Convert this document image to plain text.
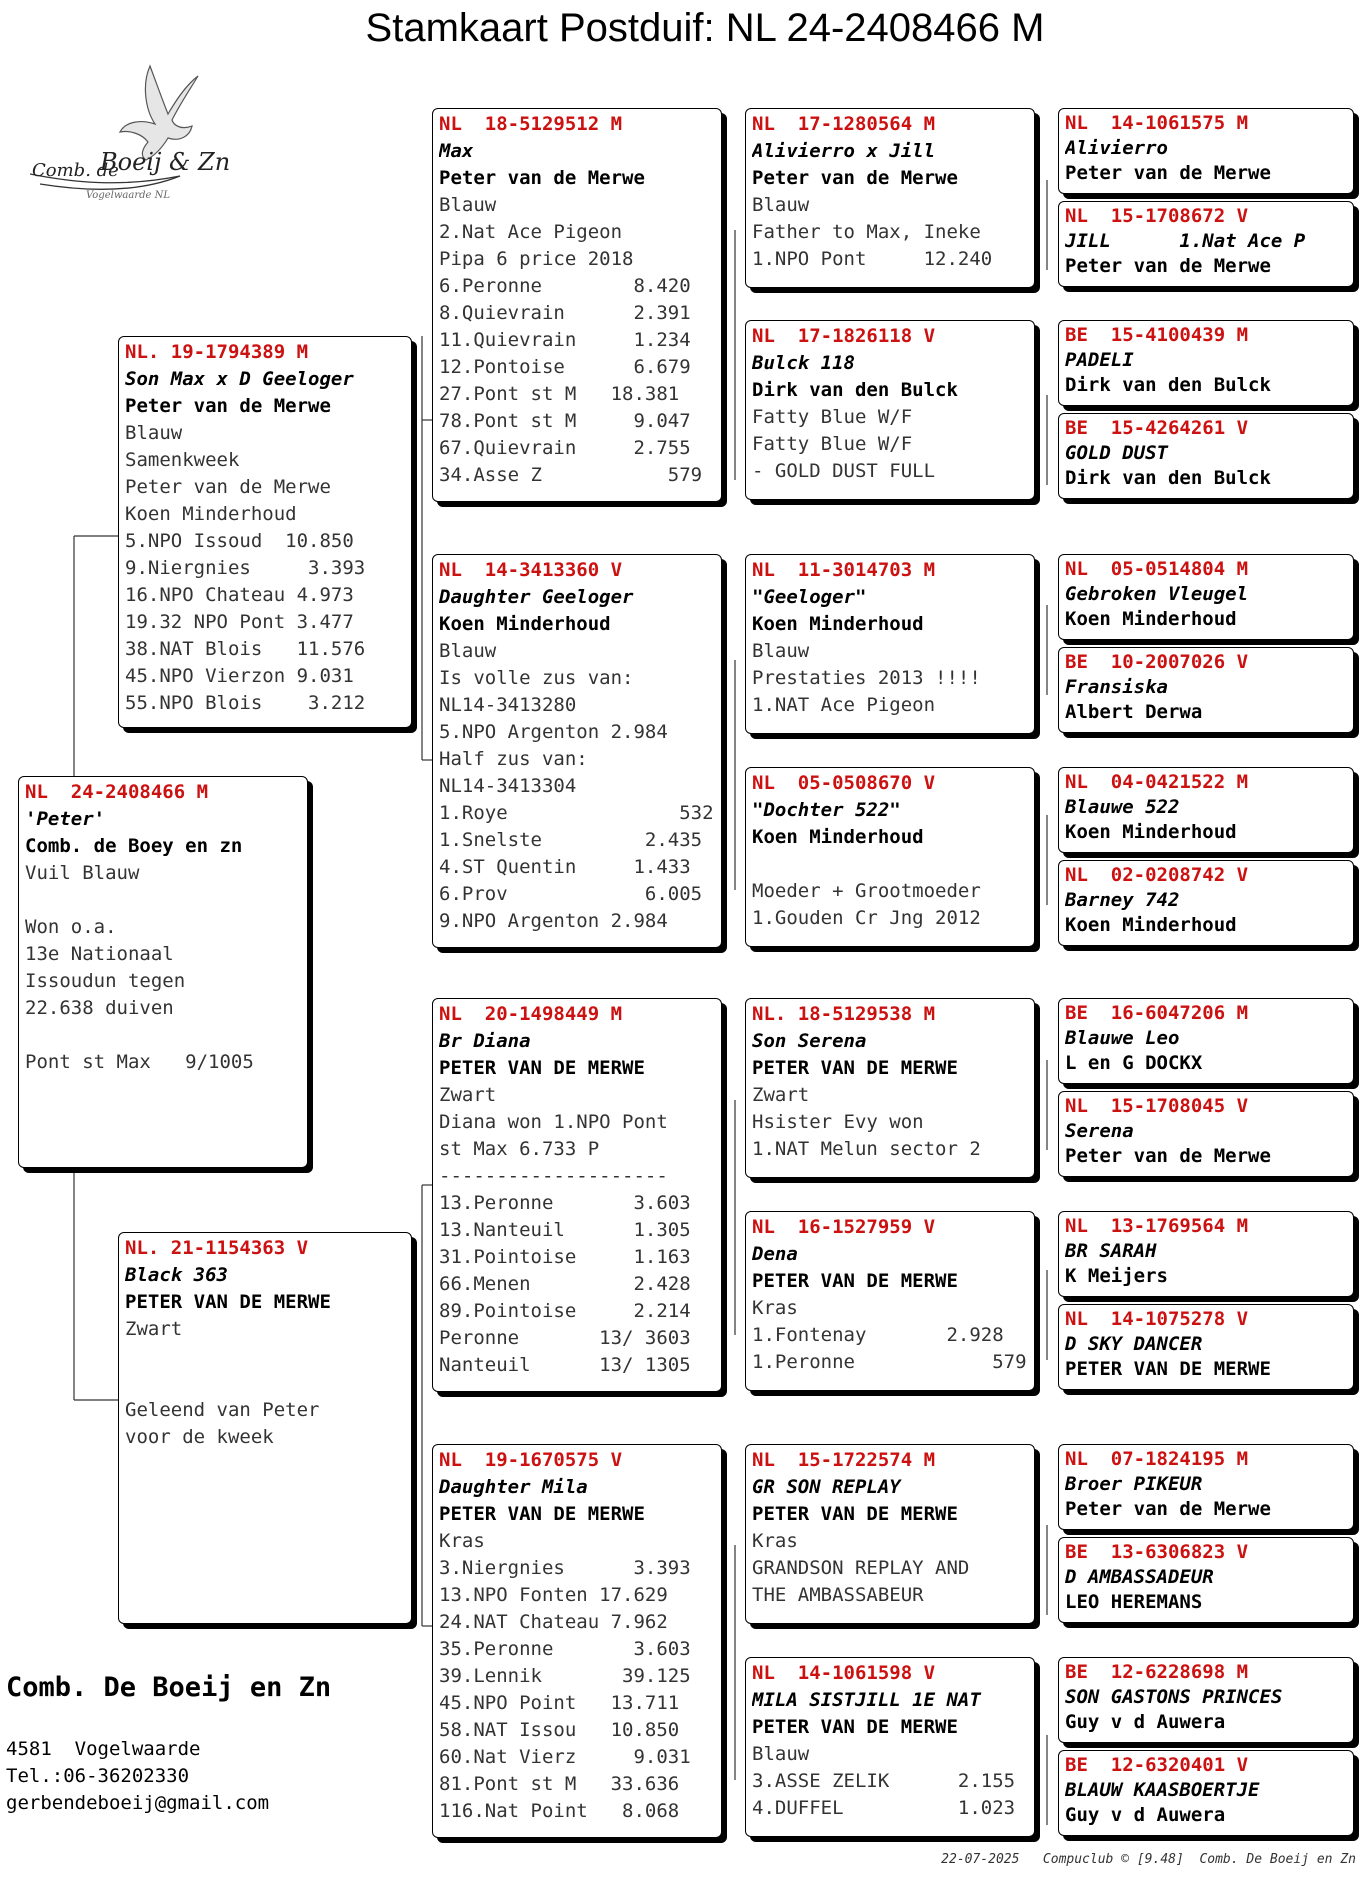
Stamkaart Postduif: NL 24-2408466 M
Comb. de
Boeij & Zn
Vogelwaarde NL
NL  24-2408466 M
'Peter'
Comb. de Boey en zn
Vuil Blauw
Won o.a.
13e Nationaal
Issoudun tegen
22.638 duiven
Pont st Max   9/1005
NL. 19-1794389 M
Son Max x D Geeloger
Peter van de Merwe
Blauw
Samenkweek
Peter van de Merwe
Koen Minderhoud
5.NPO Issoud  10.850
9.Niergnies     3.393
16.NPO Chateau 4.973
19.32 NPO Pont 3.477
38.NAT Blois   11.576
45.NPO Vierzon 9.031
55.NPO Blois    3.212
NL. 21-1154363 V
Black 363
PETER VAN DE MERWE
Zwart
Geleend van Peter
voor de kweek
NL  18-5129512 M
Max
Peter van de Merwe
Blauw
2.Nat Ace Pigeon
Pipa 6 price 2018
6.Peronne        8.420
8.Quievrain      2.391
11.Quievrain     1.234
12.Pontoise      6.679
27.Pont st M   18.381
78.Pont st M     9.047
67.Quievrain     2.755
34.Asse Z           579
NL  14-3413360 V
Daughter Geeloger
Koen Minderhoud
Blauw
Is volle zus van:
NL14-3413280
5.NPO Argenton 2.984
Half zus van:
NL14-3413304
1.Roye               532
1.Snelste         2.435
4.ST Quentin     1.433
6.Prov            6.005
9.NPO Argenton 2.984
NL  20-1498449 M
Br Diana
PETER VAN DE MERWE
Zwart
Diana won 1.NPO Pont
st Max 6.733 P
--------------------
13.Peronne       3.603
13.Nanteuil      1.305
31.Pointoise     1.163
66.Menen         2.428
89.Pointoise     2.214
Peronne       13/ 3603
Nanteuil      13/ 1305
NL  19-1670575 V
Daughter Mila
PETER VAN DE MERWE
Kras
3.Niergnies      3.393
13.NPO Fonten 17.629
24.NAT Chateau 7.962
35.Peronne       3.603
39.Lennik       39.125
45.NPO Point   13.711
58.NAT Issou   10.850
60.Nat Vierz     9.031
81.Pont st M   33.636
116.Nat Point   8.068
NL  17-1280564 M
Alivierro x Jill
Peter van de Merwe
Blauw
Father to Max, Ineke
1.NPO Pont     12.240
NL  17-1826118 V
Bulck 118
Dirk van den Bulck
Fatty Blue W/F
Fatty Blue W/F
- GOLD DUST FULL
NL  11-3014703 M
"Geeloger"
Koen Minderhoud
Blauw
Prestaties 2013 !!!!
1.NAT Ace Pigeon
NL  05-0508670 V
"Dochter 522"
Koen Minderhoud
Moeder + Grootmoeder
1.Gouden Cr Jng 2012
NL. 18-5129538 M
Son Serena
PETER VAN DE MERWE
Zwart
Hsister Evy won
1.NAT Melun sector 2
NL  16-1527959 V
Dena
PETER VAN DE MERWE
Kras
1.Fontenay       2.928
1.Peronne            579
NL  15-1722574 M
GR SON REPLAY
PETER VAN DE MERWE
Kras
GRANDSON REPLAY AND
THE AMBASSABEUR
NL  14-1061598 V
MILA SISTJILL 1E NAT
PETER VAN DE MERWE
Blauw
3.ASSE ZELIK      2.155
4.DUFFEL          1.023
NL  14-1061575 M
Alivierro
Peter van de Merwe
NL  15-1708672 V
JILL      1.Nat Ace P
Peter van de Merwe
BE  15-4100439 M
PADELI
Dirk van den Bulck
BE  15-4264261 V
GOLD DUST
Dirk van den Bulck
NL  05-0514804 M
Gebroken Vleugel
Koen Minderhoud
BE  10-2007026 V
Fransiska
Albert Derwa
NL  04-0421522 M
Blauwe 522
Koen Minderhoud
NL  02-0208742 V
Barney 742
Koen Minderhoud
BE  16-6047206 M
Blauwe Leo
L en G DOCKX
NL  15-1708045 V
Serena
Peter van de Merwe
NL  13-1769564 M
BR SARAH
K Meijers
NL  14-1075278 V
D SKY DANCER
PETER VAN DE MERWE
NL  07-1824195 M
Broer PIKEUR
Peter van de Merwe
BE  13-6306823 V
D AMBASSADEUR
LEO HEREMANS
BE  12-6228698 M
SON GASTONS PRINCES
Guy v d Auwera
BE  12-6320401 V
BLAUW KAASBOERTJE
Guy v d Auwera
Comb. De Boeij en Zn
4581  Vogelwaarde
Tel.:06-36202330
gerbendeboeij@gmail.com
22-07-2025   Compuclub © [9.48]  Comb. De Boeij en Zn
